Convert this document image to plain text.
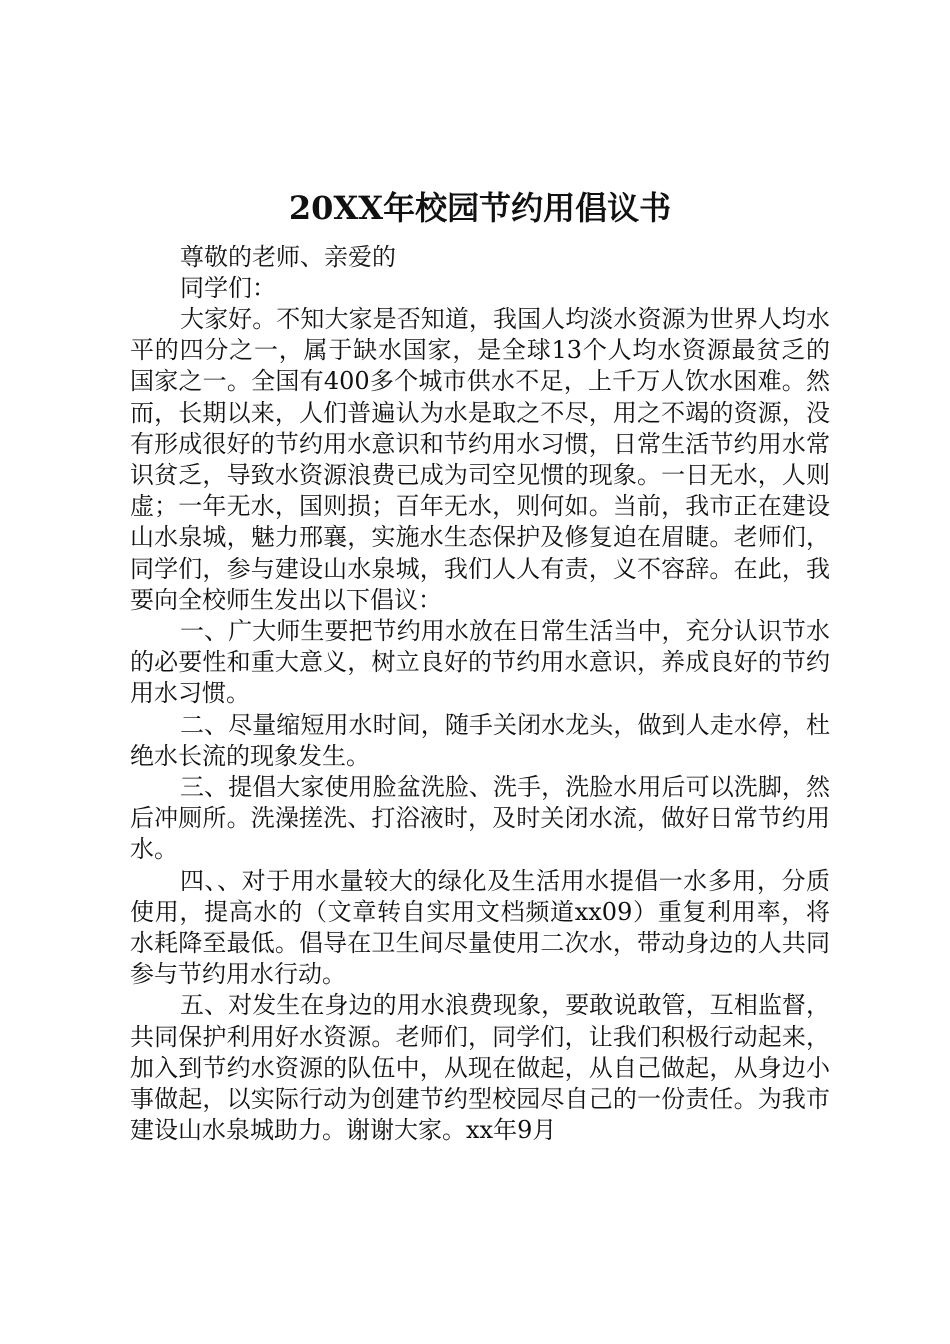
20XX年校园节约用倡议书

尊敬的老师、亲爱的

同学们：

大家好。不知大家是否知道，我国人均淡水资源为世界人均水平的四分之一，属于缺水国家，是全球13个人均水资源最贫乏的国家之一。全国有400多个城市供水不足，上千万人饮水困难。然而，长期以来，人们普遍认为水是取之不尽，用之不竭的资源，没有形成很好的节约用水意识和节约用水习惯，日常生活节约用水常识贫乏，导致水资源浪费已成为司空见惯的现象。一日无水，人则虚；一年无水，国则损；百年无水，则何如。当前，我市正在建设山水泉城，魅力邢襄，实施水生态保护及修复迫在眉睫。老师们，同学们，参与建设山水泉城，我们人人有责，义不容辞。在此，我要向全校师生发出以下倡议：

一、广大师生要把节约用水放在日常生活当中，充分认识节水的必要性和重大意义，树立良好的节约用水意识，养成良好的节约用水习惯。

二、尽量缩短用水时间，随手关闭水龙头，做到人走水停，杜绝水长流的现象发生。

三、提倡大家使用脸盆洗脸、洗手，洗脸水用后可以洗脚，然后冲厕所。洗澡搓洗、打浴液时，及时关闭水流，做好日常节约用水。

四、、对于用水量较大的绿化及生活用水提倡一水多用，分质使用，提高水的（文章转自实用文档频道xx09）重复利用率，将水耗降至最低。倡导在卫生间尽量使用二次水，带动身边的人共同参与节约用水行动。

五、对发生在身边的用水浪费现象，要敢说敢管，互相监督，共同保护利用好水资源。老师们，同学们，让我们积极行动起来，加入到节约水资源的队伍中，从现在做起，从自己做起，从身边小事做起，以实际行动为创建节约型校园尽自己的一份责任。为我市建设山水泉城助力。谢谢大家。xx年9月
